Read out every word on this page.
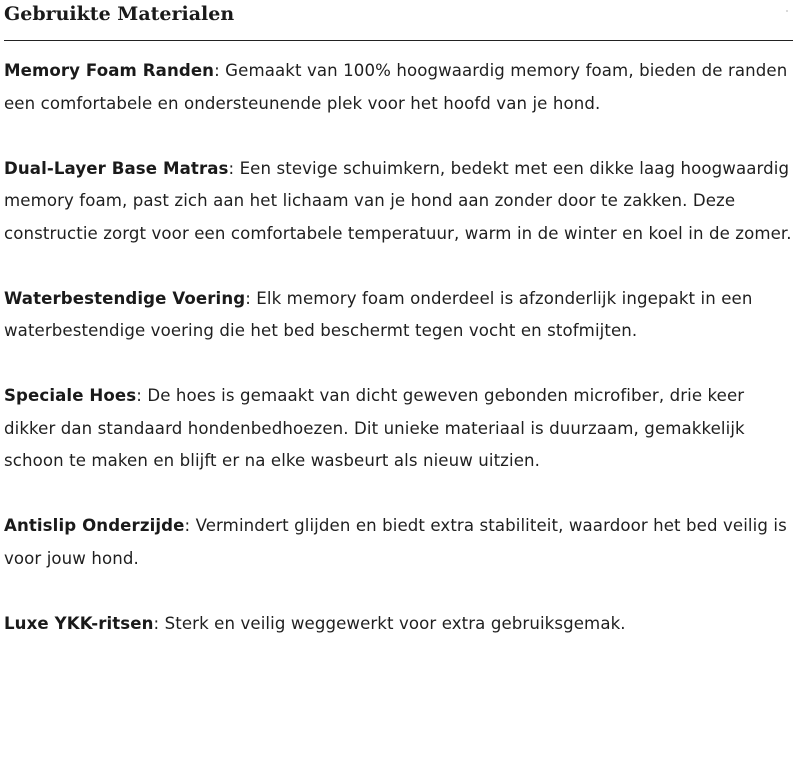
Gebruikte Materialen

Memory Foam Randen: Gemaakt van 100% hoogwaardig memory foam, bieden de randen een comfortabele en ondersteunende plek voor het hoofd van je hond.

Dual-Layer Base Matras: Een stevige schuimkern, bedekt met een dikke laag hoogwaardig memory foam, past zich aan het lichaam van je hond aan zonder door te zakken. Deze constructie zorgt voor een comfortabele temperatuur, warm in de winter en koel in de zomer.

Waterbestendige Voering: Elk memory foam onderdeel is afzonderlijk ingepakt in een waterbestendige voering die het bed beschermt tegen vocht en stofmijten.

Speciale Hoes: De hoes is gemaakt van dicht geweven gebonden microfiber, drie keer dikker dan standaard hondenbedhoezen. Dit unieke materiaal is duurzaam, gemakkelijk schoon te maken en blijft er na elke wasbeurt als nieuw uitzien.

Antislip Onderzijde: Vermindert glijden en biedt extra stabiliteit, waardoor het bed veilig is voor jouw hond.

Luxe YKK-ritsen: Sterk en veilig weggewerkt voor extra gebruiksgemak.
